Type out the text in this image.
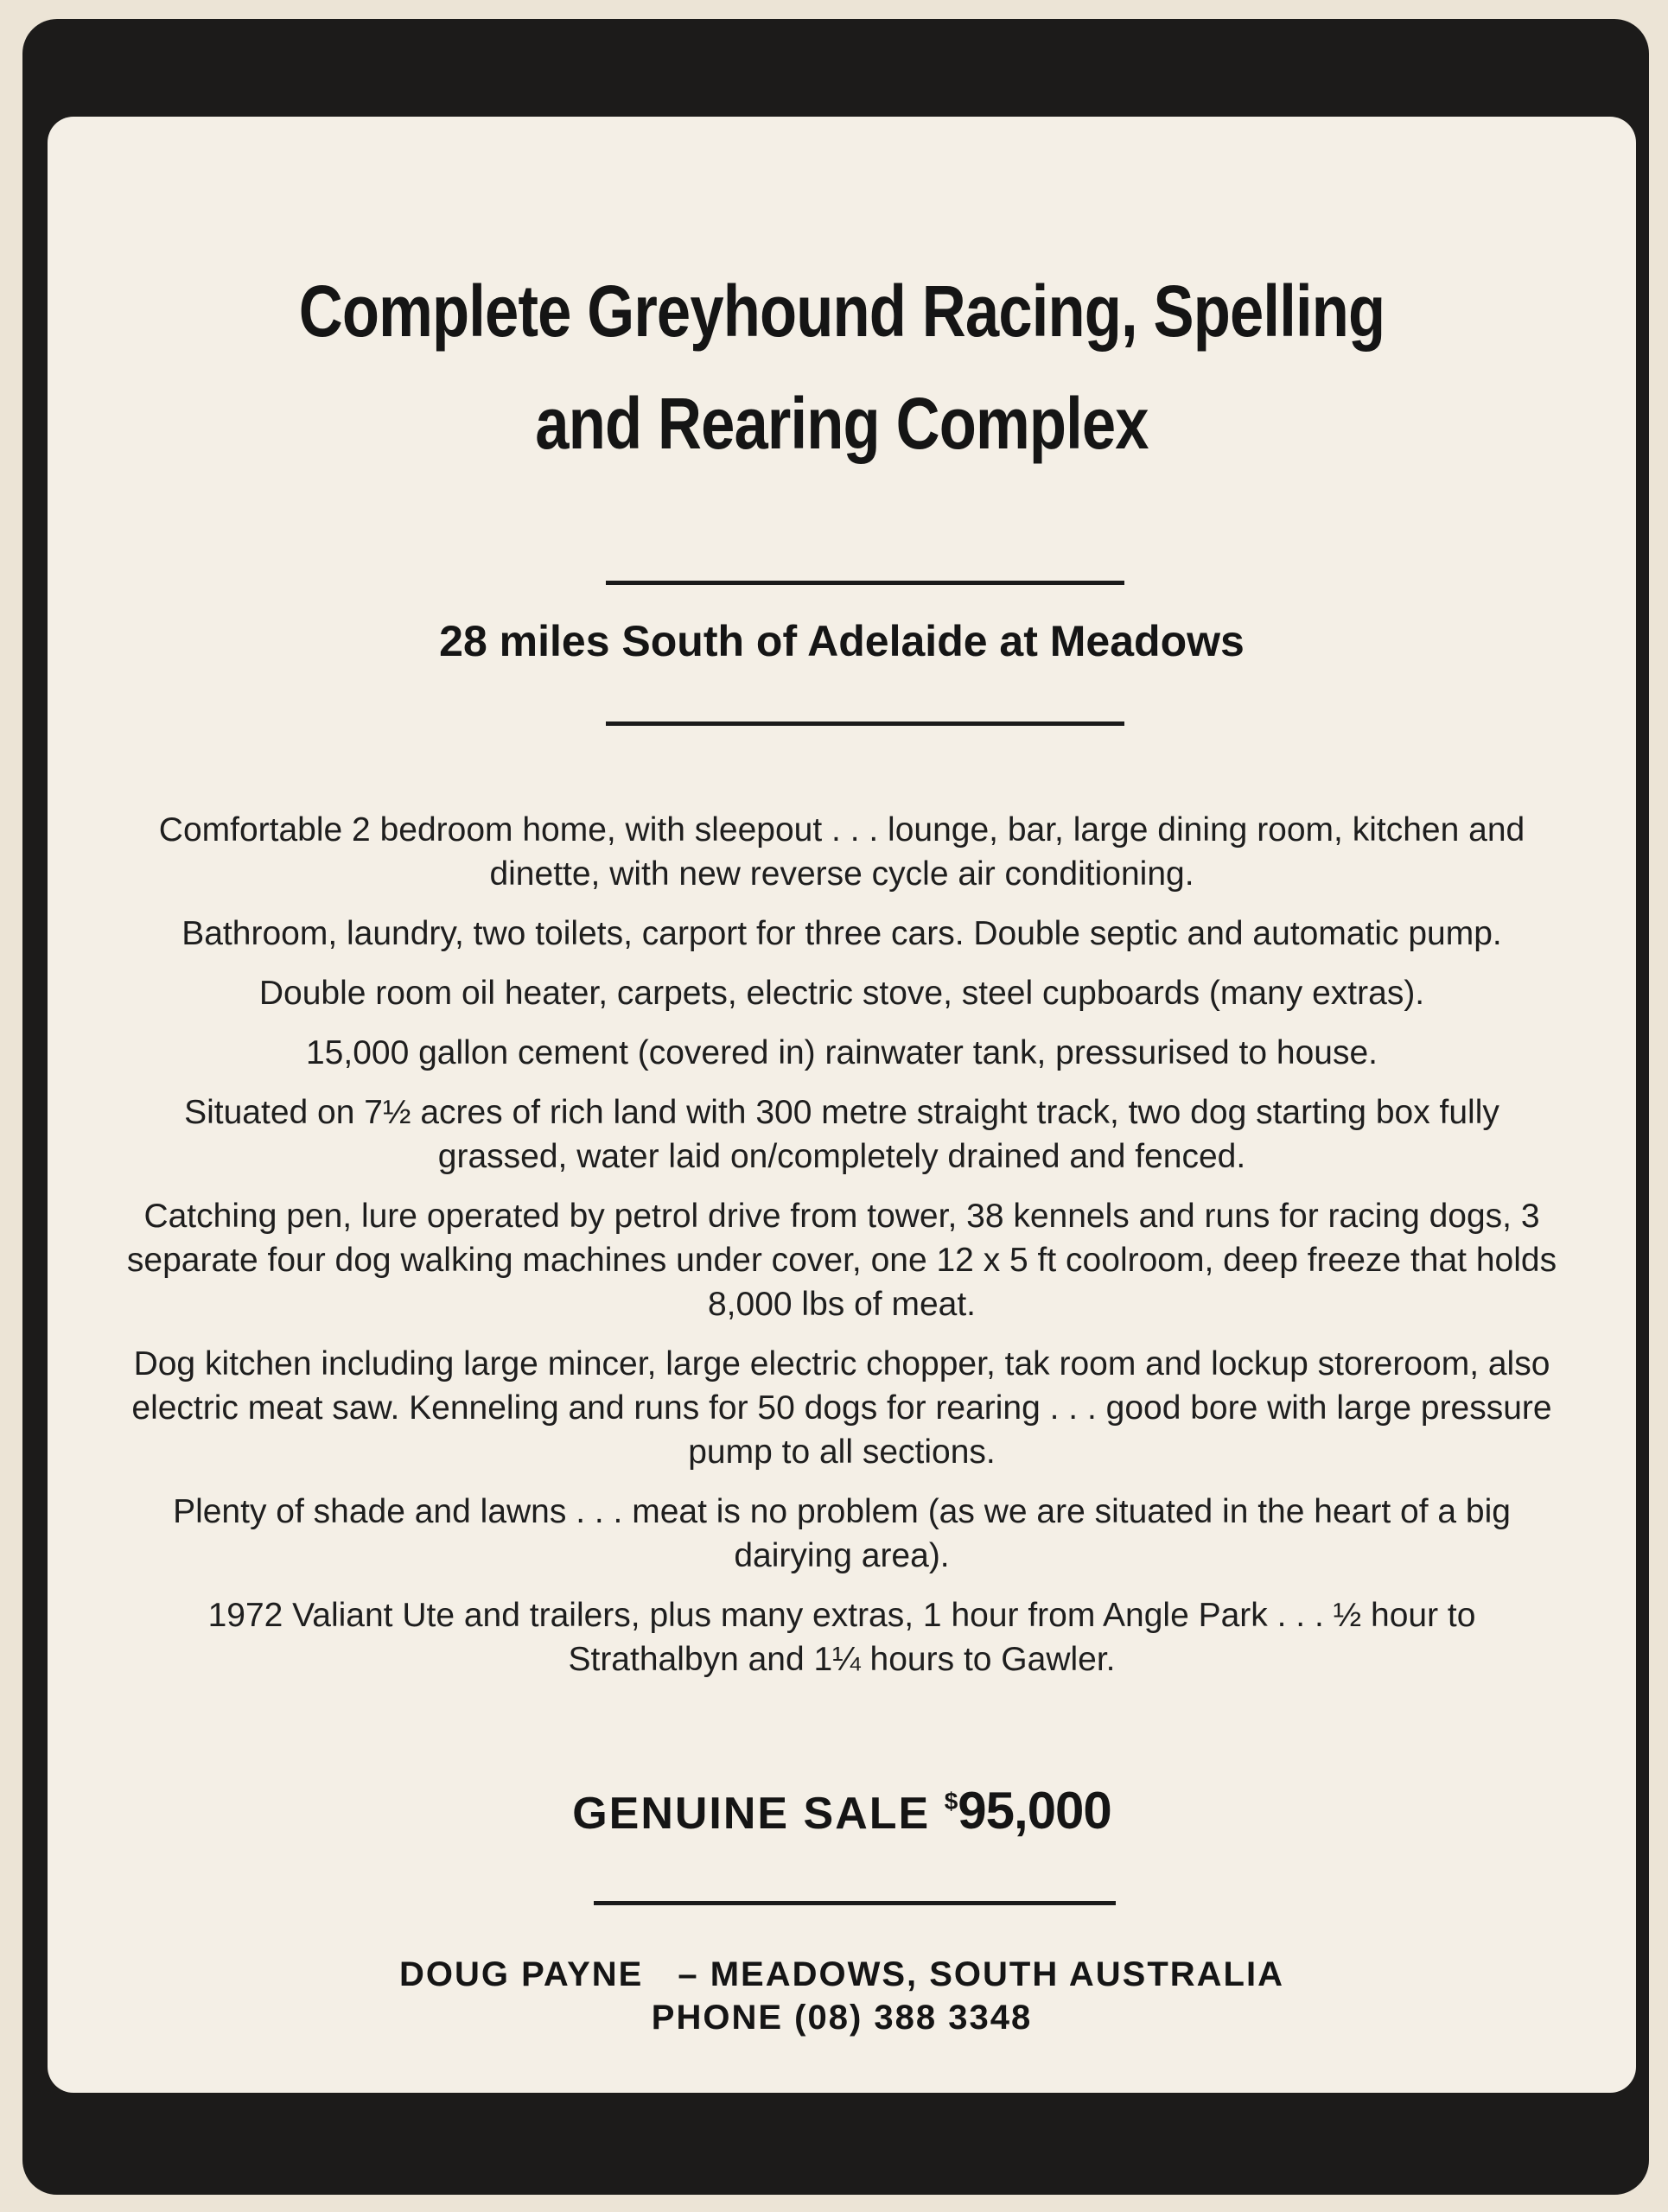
Complete Greyhound Racing, Spelling
and Rearing Complex
28 miles South of Adelaide at Meadows

Comfortable 2 bedroom home, with sleepout . . . lounge, bar, large dining room, kitchen and dinette, with new reverse cycle air conditioning.

Bathroom, laundry, two toilets, carport for three cars. Double septic and automatic pump.

Double room oil heater, carpets, electric stove, steel cupboards (many extras).

15,000 gallon cement (covered in) rainwater tank, pressurised to house.

Situated on 7½ acres of rich land with 300 metre straight track, two dog starting box fully grassed, water laid on/completely drained and fenced.

Catching pen, lure operated by petrol drive from tower, 38 kennels and runs for racing dogs, 3 separate four dog walking machines under cover, one 12 x 5 ft coolroom, deep freeze that holds 8,000 lbs of meat.

Dog kitchen including large mincer, large electric chopper, tak room and lockup storeroom, also electric meat saw. Kenneling and runs for 50 dogs for rearing . . . good bore with large pressure pump to all sections.

Plenty of shade and lawns . . . meat is no problem (as we are situated in the heart of a big dairying area).

1972 Valiant Ute and trailers, plus many extras, 1 hour from Angle Park . . . ½ hour to Strathalbyn and 1¼ hours to Gawler.

GENUINE SALE $95,000
DOUG PAYNE – MEADOWS, SOUTH AUSTRALIA
PHONE (08) 388 3348
